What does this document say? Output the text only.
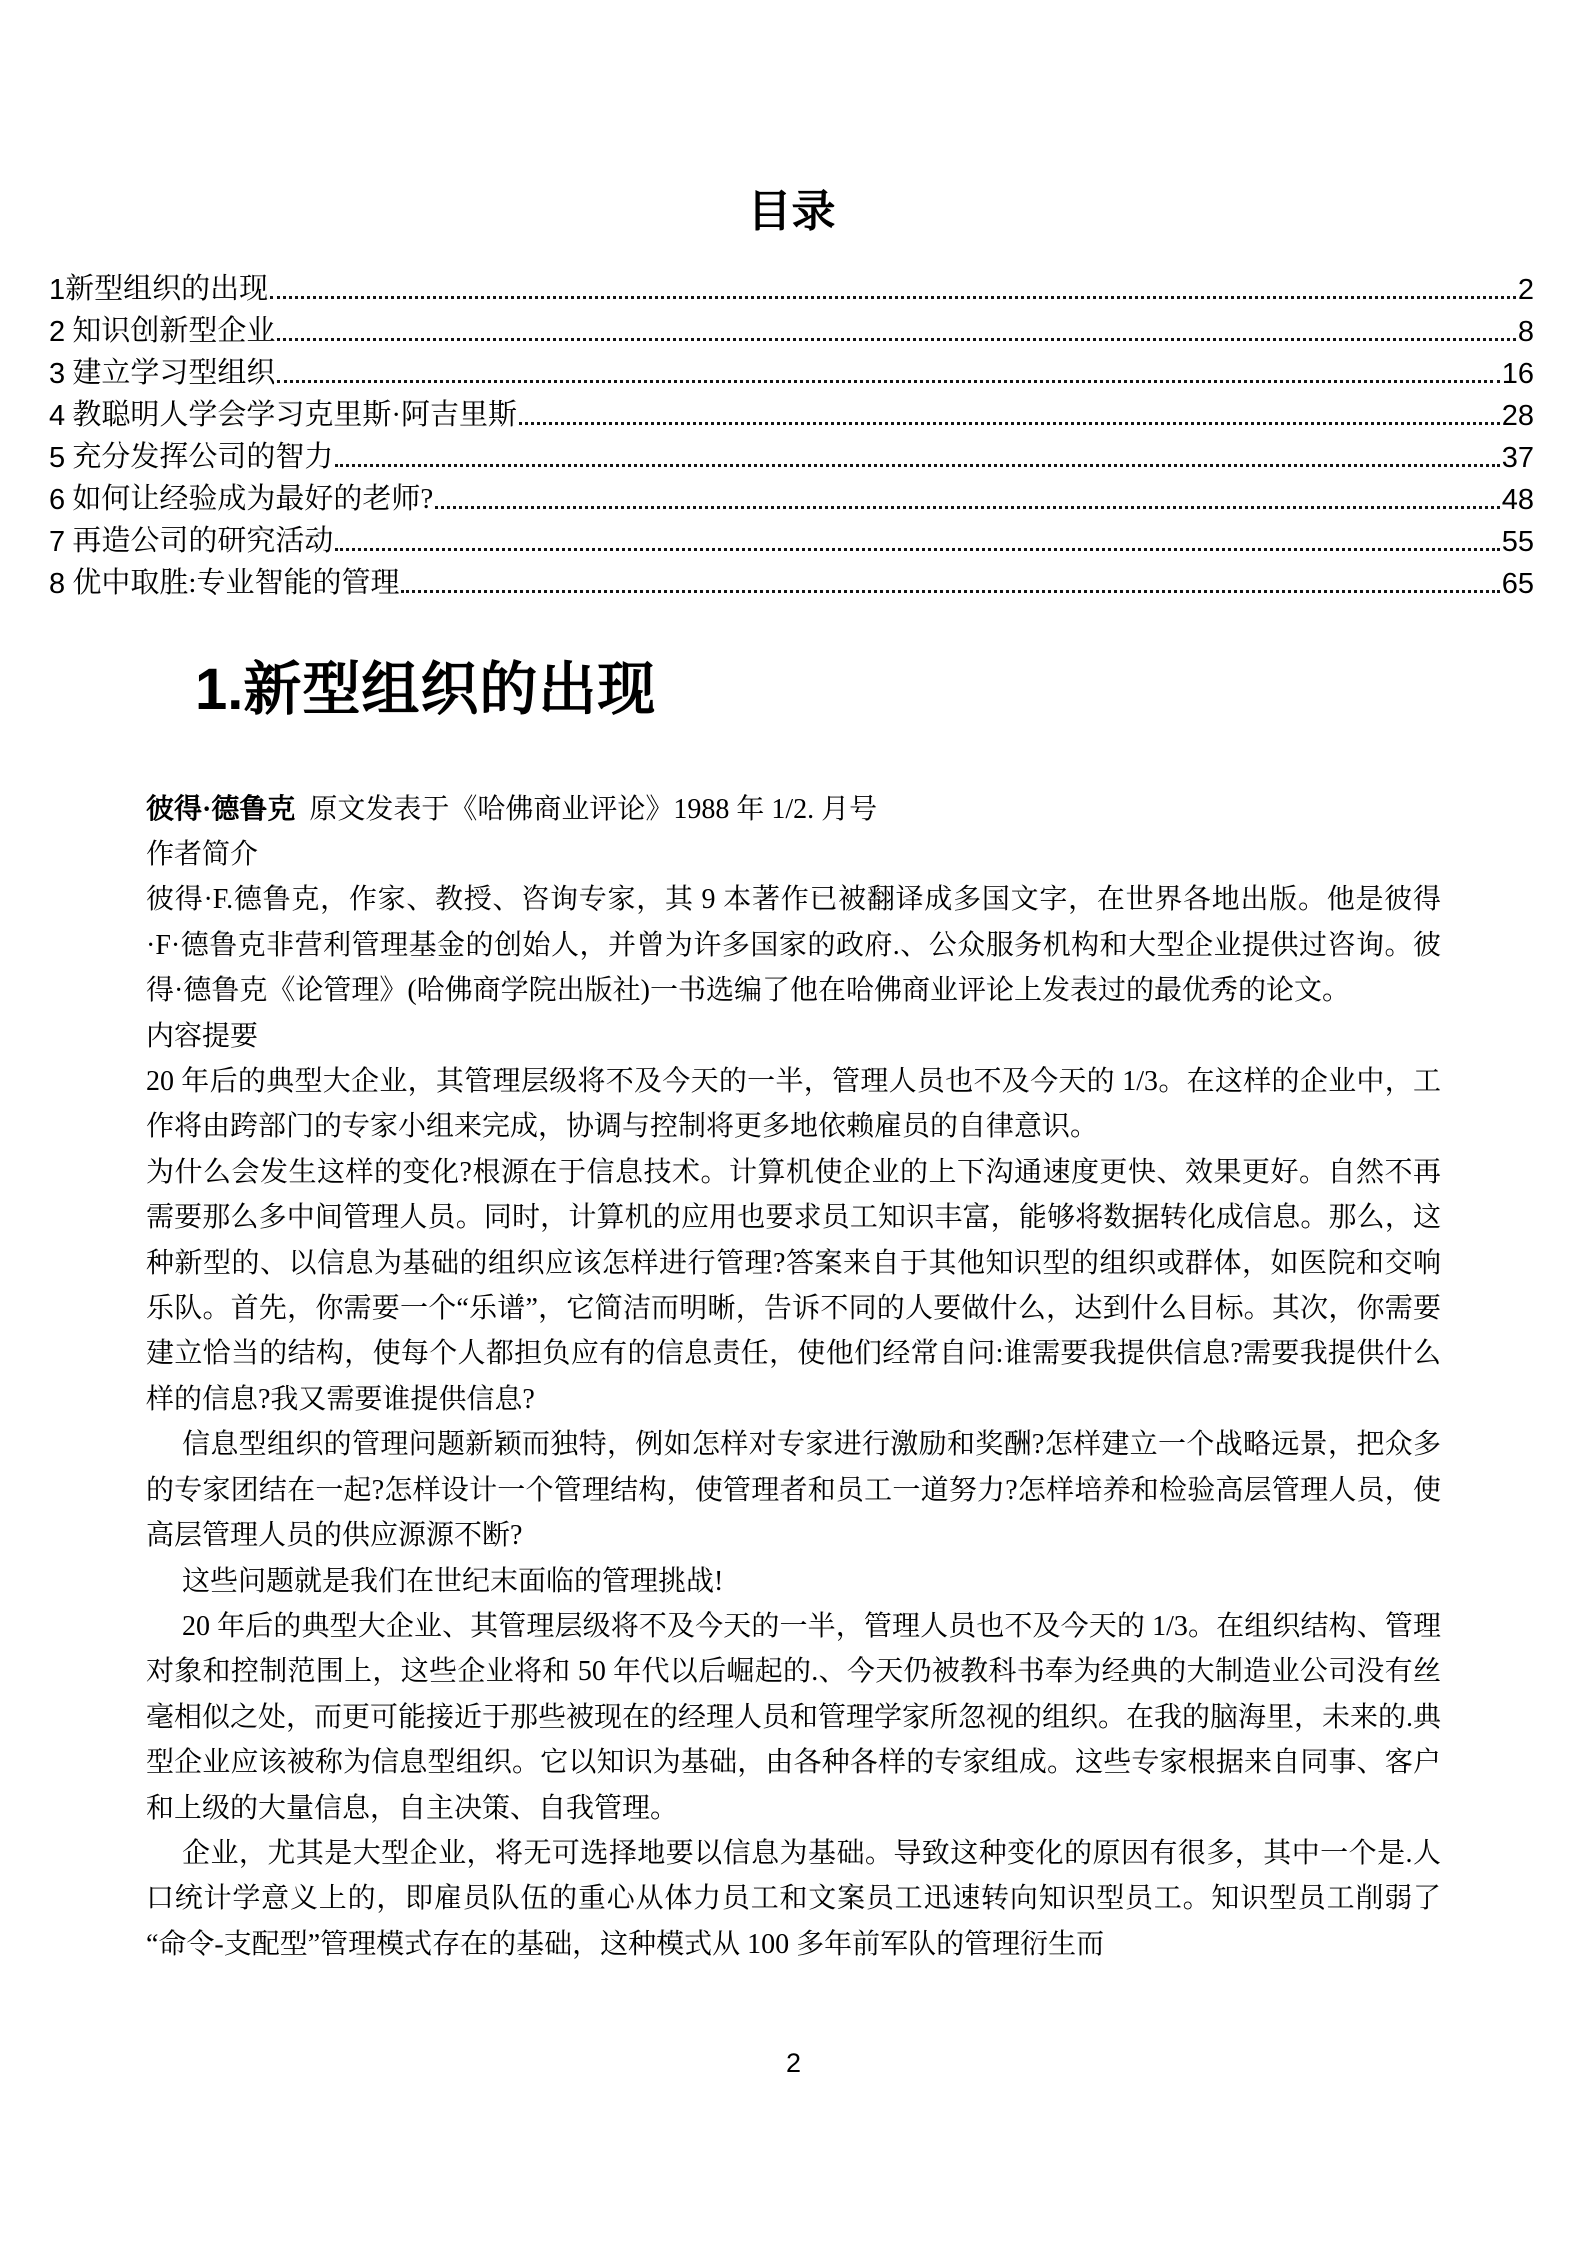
目录
1 新型组织的出现	2
2 知识创新型企业	8
3 建立学习型组织	16
4 教聪明人学会学习克里斯·阿吉里斯	28
5 充分发挥公司的智力	37
6 如何让经验成为最好的老师?	48
7 再造公司的研究活动	55
8 优中取胜:专业智能的管理	65
1.新型组织的出现
彼得·德鲁克 原文发表于《哈佛商业评论》1988 年 1/2. 月号

作者简介

彼得·F.德鲁克，作家、教授、咨询专家，其 9 本著作已被翻译成多国文字，在世界各地出版。他是彼得·F·德鲁克非营利管理基金的创始人，并曾为许多国家的政府.、公众服务机构和大型企业提供过咨询。彼得·德鲁克《论管理》(哈佛商学院出版社)一书选编了他在哈佛商业评论上发表过的最优秀的论文。

内容提要

20 年后的典型大企业，其管理层级将不及今天的一半，管理人员也不及今天的 1/3。在这样的企业中，工作将由跨部门的专家小组来完成，协调与控制将更多地依赖雇员的自律意识。

为什么会发生这样的变化?根源在于信息技术。计算机使企业的上下沟通速度更快、效果更好。自然不再需要那么多中间管理人员。同时，计算机的应用也要求员工知识丰富，能够将数据转化成信息。那么，这种新型的、以信息为基础的组织应该怎样进行管理?答案来自于其他知识型的组织或群体，如医院和交响乐队。首先，你需要一个“乐谱”，它简洁而明晰，告诉不同的人要做什么，达到什么目标。其次，你需要建立恰当的结构，使每个人都担负应有的信息责任，使他们经常自问:谁需要我提供信息?需要我提供什么样的信息?我又需要谁提供信息?

信息型组织的管理问题新颖而独特，例如怎样对专家进行激励和奖酬?怎样建立一个战略远景，把众多的专家团结在一起?怎样设计一个管理结构，使管理者和员工一道努力?怎样培养和检验高层管理人员，使高层管理人员的供应源源不断?

这些问题就是我们在世纪末面临的管理挑战!

20 年后的典型大企业、其管理层级将不及今天的一半，管理人员也不及今天的 1/3。在组织结构、管理对象和控制范围上，这些企业将和 50 年代以后崛起的.、今天仍被教科书奉为经典的大制造业公司没有丝毫相似之处，而更可能接近于那些被现在的经理人员和管理学家所忽视的组织。在我的脑海里，未来的.典型企业应该被称为信息型组织。它以知识为基础，由各种各样的专家组成。这些专家根据来自同事、客户和上级的大量信息，自主决策、自我管理。

企业，尤其是大型企业，将无可选择地要以信息为基础。导致这种变化的原因有很多，其中一个是.人口统计学意义上的，即雇员队伍的重心从体力员工和文案员工迅速转向知识型员工。知识型员工削弱了“命令-支配型”管理模式存在的基础，这种模式从 100 多年前军队的管理衍生而

2
